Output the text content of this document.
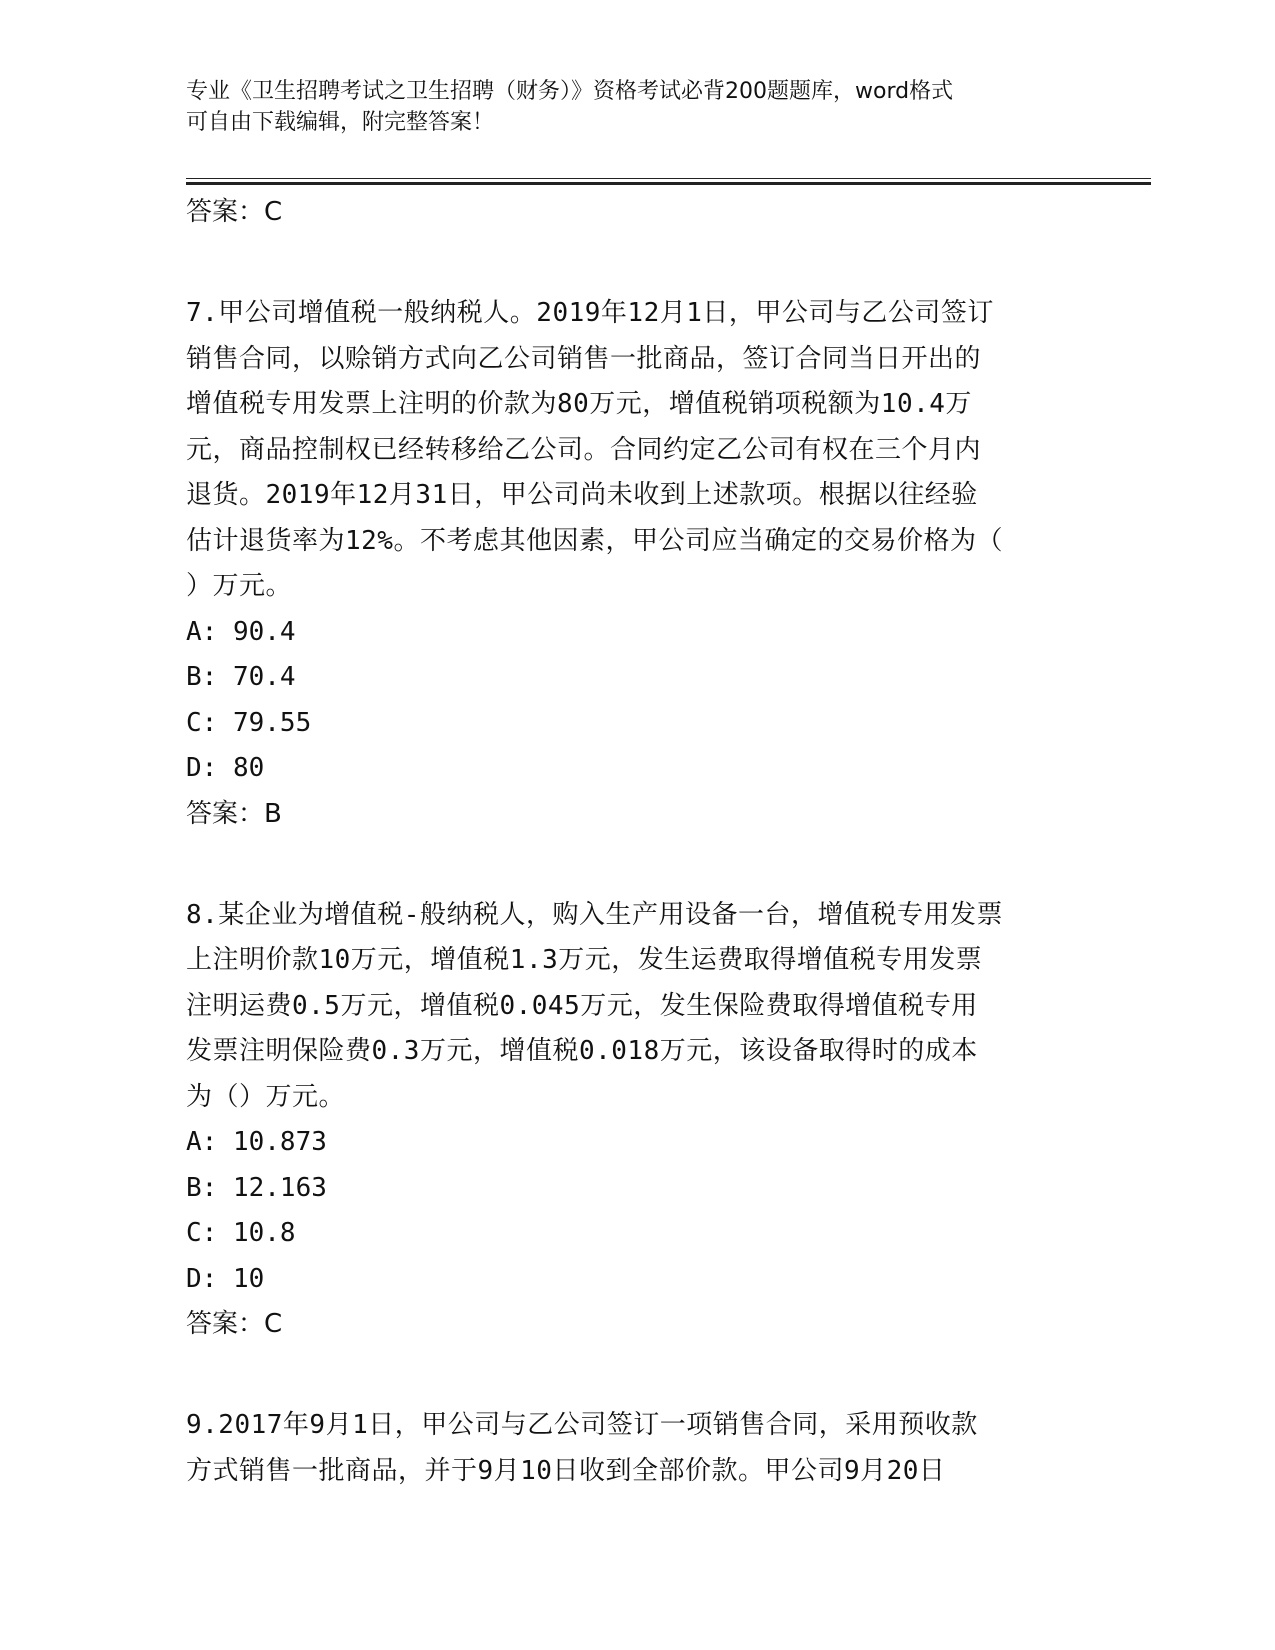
专业《卫生招聘考试之卫生招聘（财务）》资格考试必背200题题库，word格式
可自由下载编辑，附完整答案！

答案：C

7.甲公司增值税一般纳税人。2019年12月1日，甲公司与乙公司签订
销售合同，以赊销方式向乙公司销售一批商品，签订合同当日开出的
增值税专用发票上注明的价款为80万元，增值税销项税额为10.4万
元，商品控制权已经转移给乙公司。合同约定乙公司有权在三个月内
退货。2019年12月31日，甲公司尚未收到上述款项。根据以往经验
估计退货率为12%。不考虑其他因素，甲公司应当确定的交易价格为（
）万元。

A: 90.4

B: 70.4

C: 79.55

D: 80

答案：B

8.某企业为增值税-般纳税人，购入生产用设备一台，增值税专用发票
上注明价款10万元，增值税1.3万元，发生运费取得增值税专用发票
注明运费0.5万元，增值税0.045万元，发生保险费取得增值税专用
发票注明保险费0.3万元，增值税0.018万元，该设备取得时的成本
为（）万元。

A: 10.873

B: 12.163

C: 10.8

D: 10

答案：C

9.2017年9月1日，甲公司与乙公司签订一项销售合同，采用预收款
方式销售一批商品，并于9月10日收到全部价款。甲公司9月20日
